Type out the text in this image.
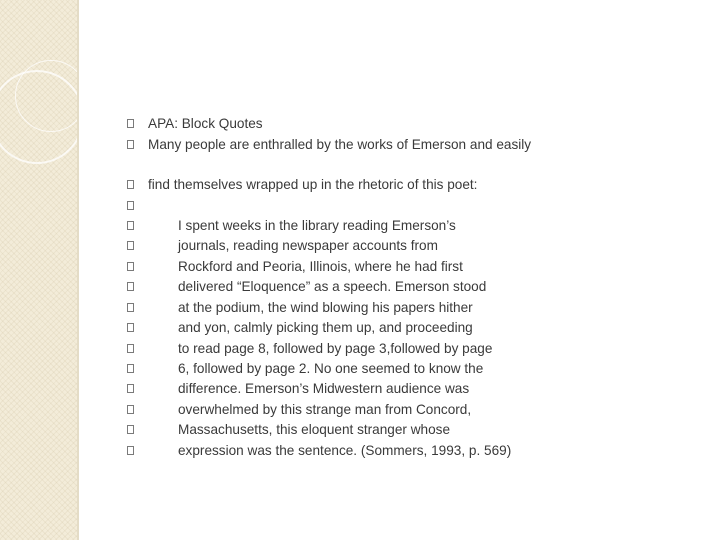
APA: Block Quotes
Many people are enthralled by the works of Emerson and easily
find themselves wrapped up in the rhetoric of this poet:
I spent weeks in the library reading Emerson’s
journals, reading newspaper accounts from
Rockford and Peoria, Illinois, where he had first
delivered “Eloquence” as a speech. Emerson stood
at the podium, the wind blowing his papers hither
and yon, calmly picking them up, and proceeding
to read page 8, followed by page 3,followed by page
6, followed by page 2. No one seemed to know the
difference. Emerson’s Midwestern audience was
overwhelmed by this strange man from Concord,
Massachusetts, this eloquent stranger whose
expression was the sentence. (Sommers, 1993, p. 569)
